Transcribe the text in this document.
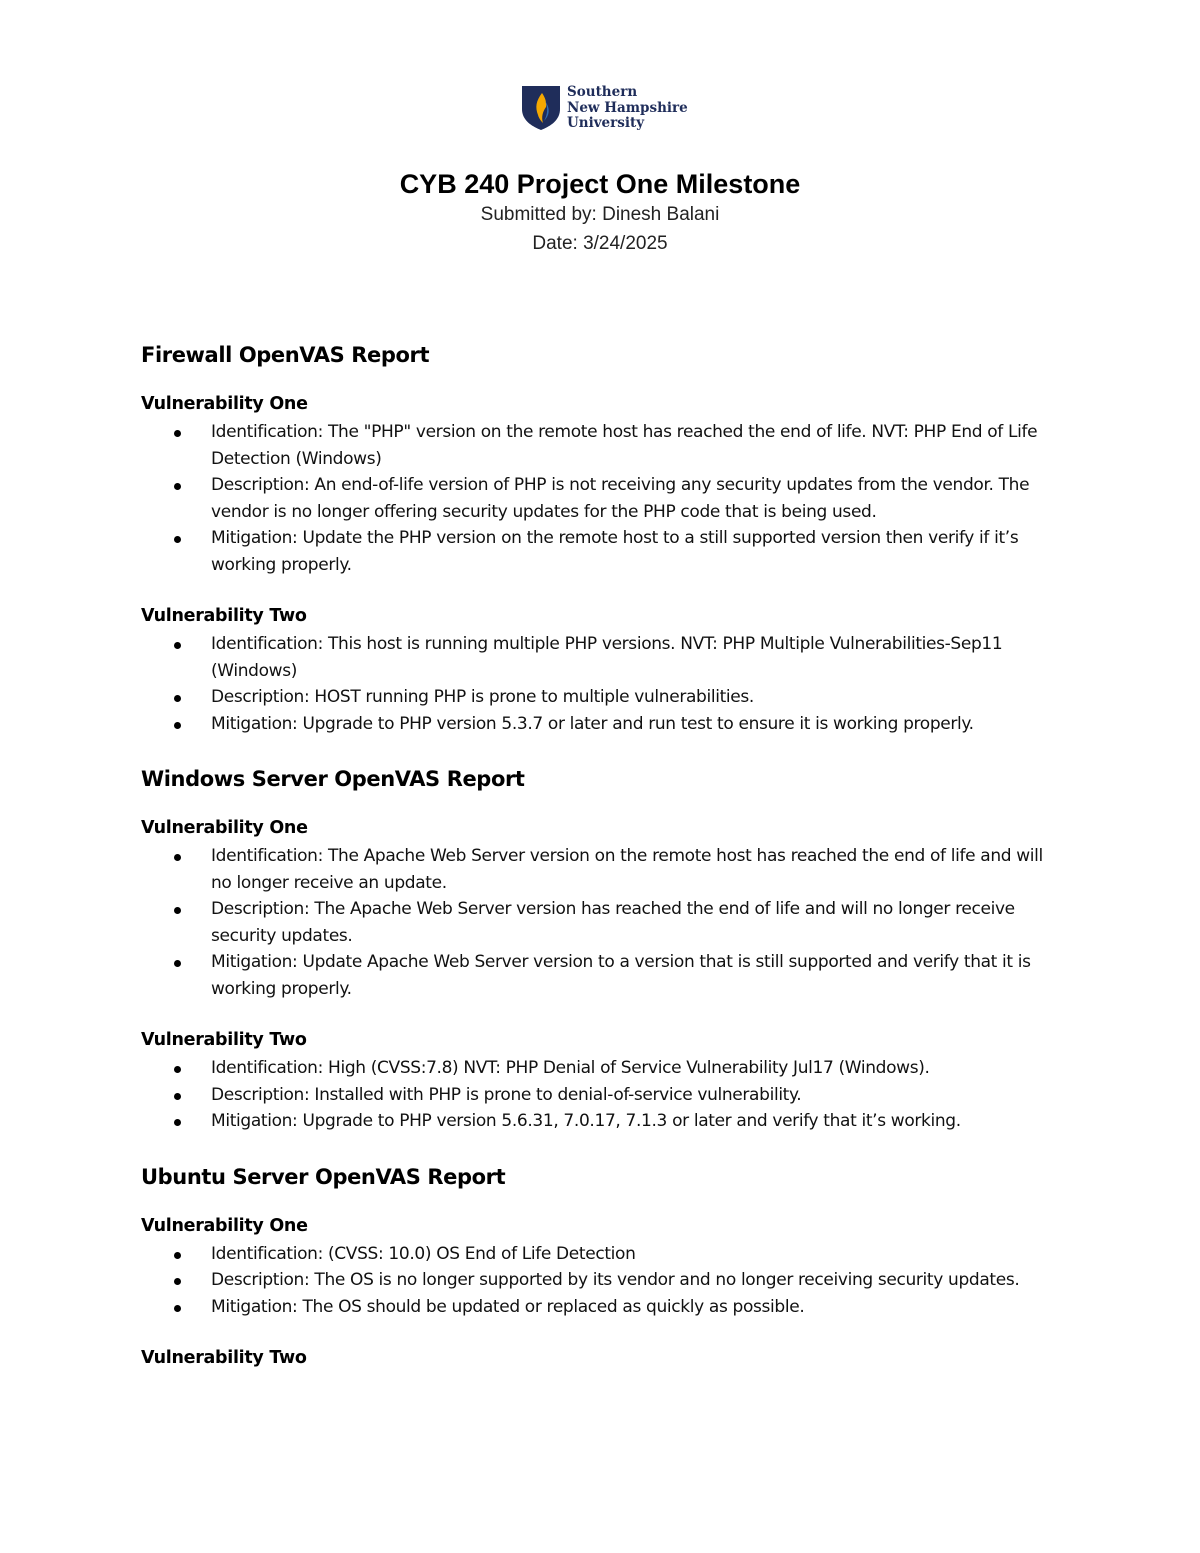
Southern
New Hampshire
University
CYB 240 Project One Milestone
Submitted by: Dinesh Balani
Date: 3/24/2025
Firewall OpenVAS Report
Vulnerability One
Identification: The "PHP" version on the remote host has reached the end of life. NVT: PHP End of Life Detection (Windows)
Description: An end-of-life version of PHP is not receiving any security updates from the vendor. The vendor is no longer offering security updates for the PHP code that is being used.
Mitigation: Update the PHP version on the remote host to a still supported version then verify if it’s working properly.
Vulnerability Two
Identification: This host is running multiple PHP versions. NVT: PHP Multiple Vulnerabilities-Sep11 (Windows)
Description: HOST running PHP is prone to multiple vulnerabilities.
Mitigation: Upgrade to PHP version 5.3.7 or later and run test to ensure it is working properly.
Windows Server OpenVAS Report
Vulnerability One
Identification: The Apache Web Server version on the remote host has reached the end of life and will no longer receive an update.
Description: The Apache Web Server version has reached the end of life and will no longer receive security updates.
Mitigation: Update Apache Web Server version to a version that is still supported and verify that it is working properly.
Vulnerability Two
Identification: High (CVSS:7.8) NVT: PHP Denial of Service Vulnerability Jul17 (Windows).
Description: Installed with PHP is prone to denial-of-service vulnerability.
Mitigation: Upgrade to PHP version 5.6.31, 7.0.17, 7.1.3 or later and verify that it’s working.
Ubuntu Server OpenVAS Report
Vulnerability One
Identification: (CVSS: 10.0) OS End of Life Detection
Description: The OS is no longer supported by its vendor and no longer receiving security updates.
Mitigation: The OS should be updated or replaced as quickly as possible.
Vulnerability Two
